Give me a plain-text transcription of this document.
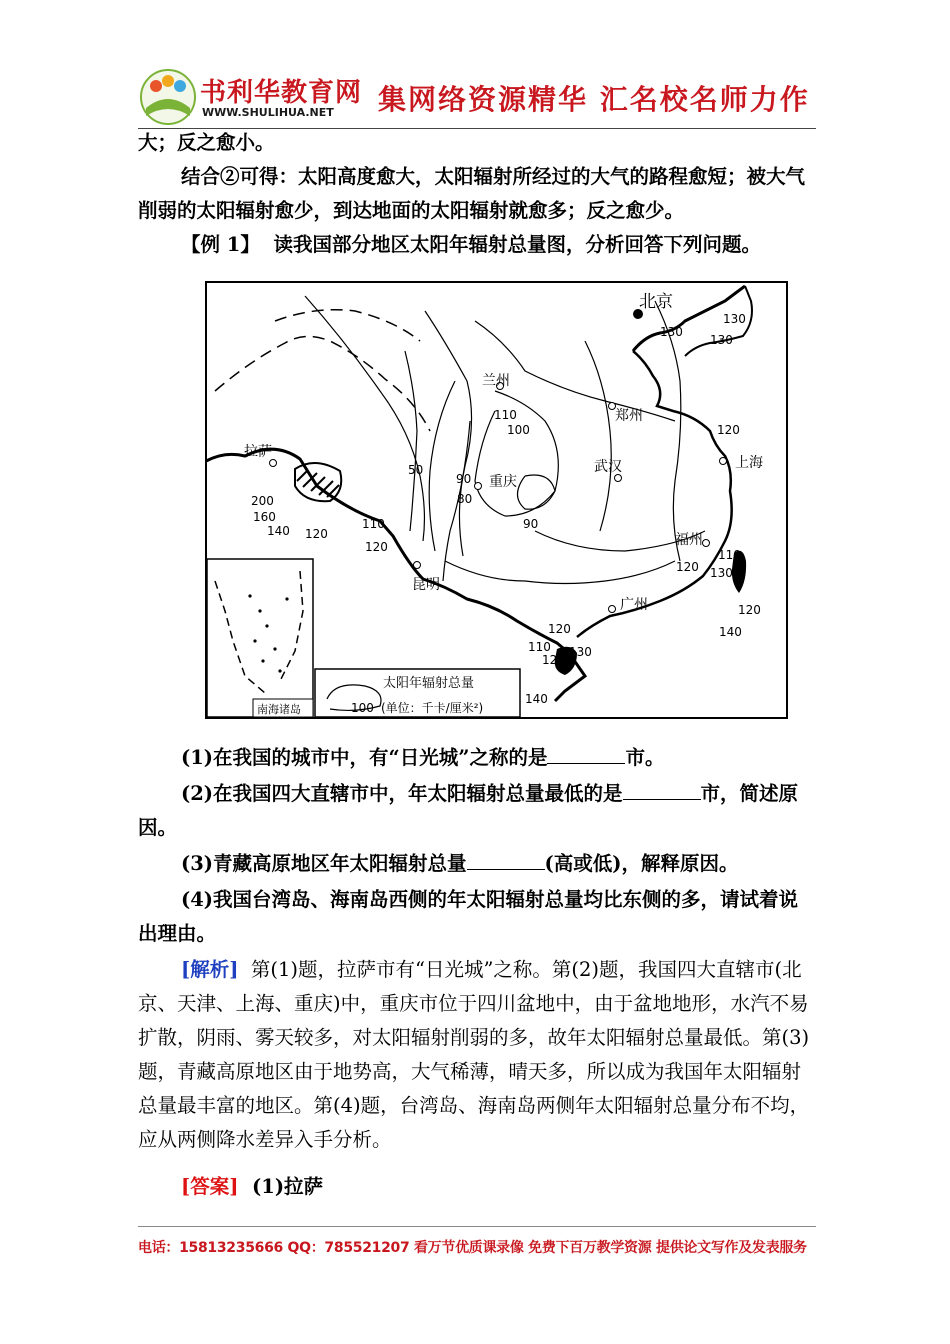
书利华教育网
WWW.SHULIHUA.NET 集网络资源精华 汇名校名师力作
大；反之愈小。
结合②可得：太阳高度愈大，太阳辐射所经过的大气的路程愈短；被大气削弱的太阳辐射愈少，到达地面的太阳辐射就愈多；反之愈少。
【例 1】 读我国部分地区太阳年辐射总量图，分析回答下列问题。
北京
兰州
郑州
拉萨
武汉	上海
重庆
昆明
福州
广州
130
130
130
110
100	120
200
160
140 120
50
90
80
90
110
120
110
130
120
120
140
120
110
120
130
140
南海诸岛
太阳年辐射总量
100 (单位：千卡/厘米²)
(1)在我国的城市中，有“日光城”之称的是	市。
(2)在我国四大直辖市中，年太阳辐射总量最低的是	市，简述原因。
(3)青藏高原地区年太阳辐射总量	(高或低)，解释原因。
(4)我国台湾岛、海南岛西侧的年太阳辐射总量均比东侧的多，请试着说出理由。
[解析] 第(1)题，拉萨市有“日光城”之称。第(2)题，我国四大直辖市(北京、天津、上海、重庆)中，重庆市位于四川盆地中，由于盆地地形，水汽不易扩散，阴雨、雾天较多，对太阳辐射削弱的多，故年太阳辐射总量最低。第(3)题，青藏高原地区由于地势高，大气稀薄，晴天多，所以成为我国年太阳辐射总量最丰富的地区。第(4)题，台湾岛、海南岛两侧年太阳辐射总量分布不均，应从两侧降水差异入手分析。
[答案] (1)拉萨
电话：15813235666 QQ：785521207 看万节优质课录像 免费下百万教学资源 提供论文写作及发表服务
